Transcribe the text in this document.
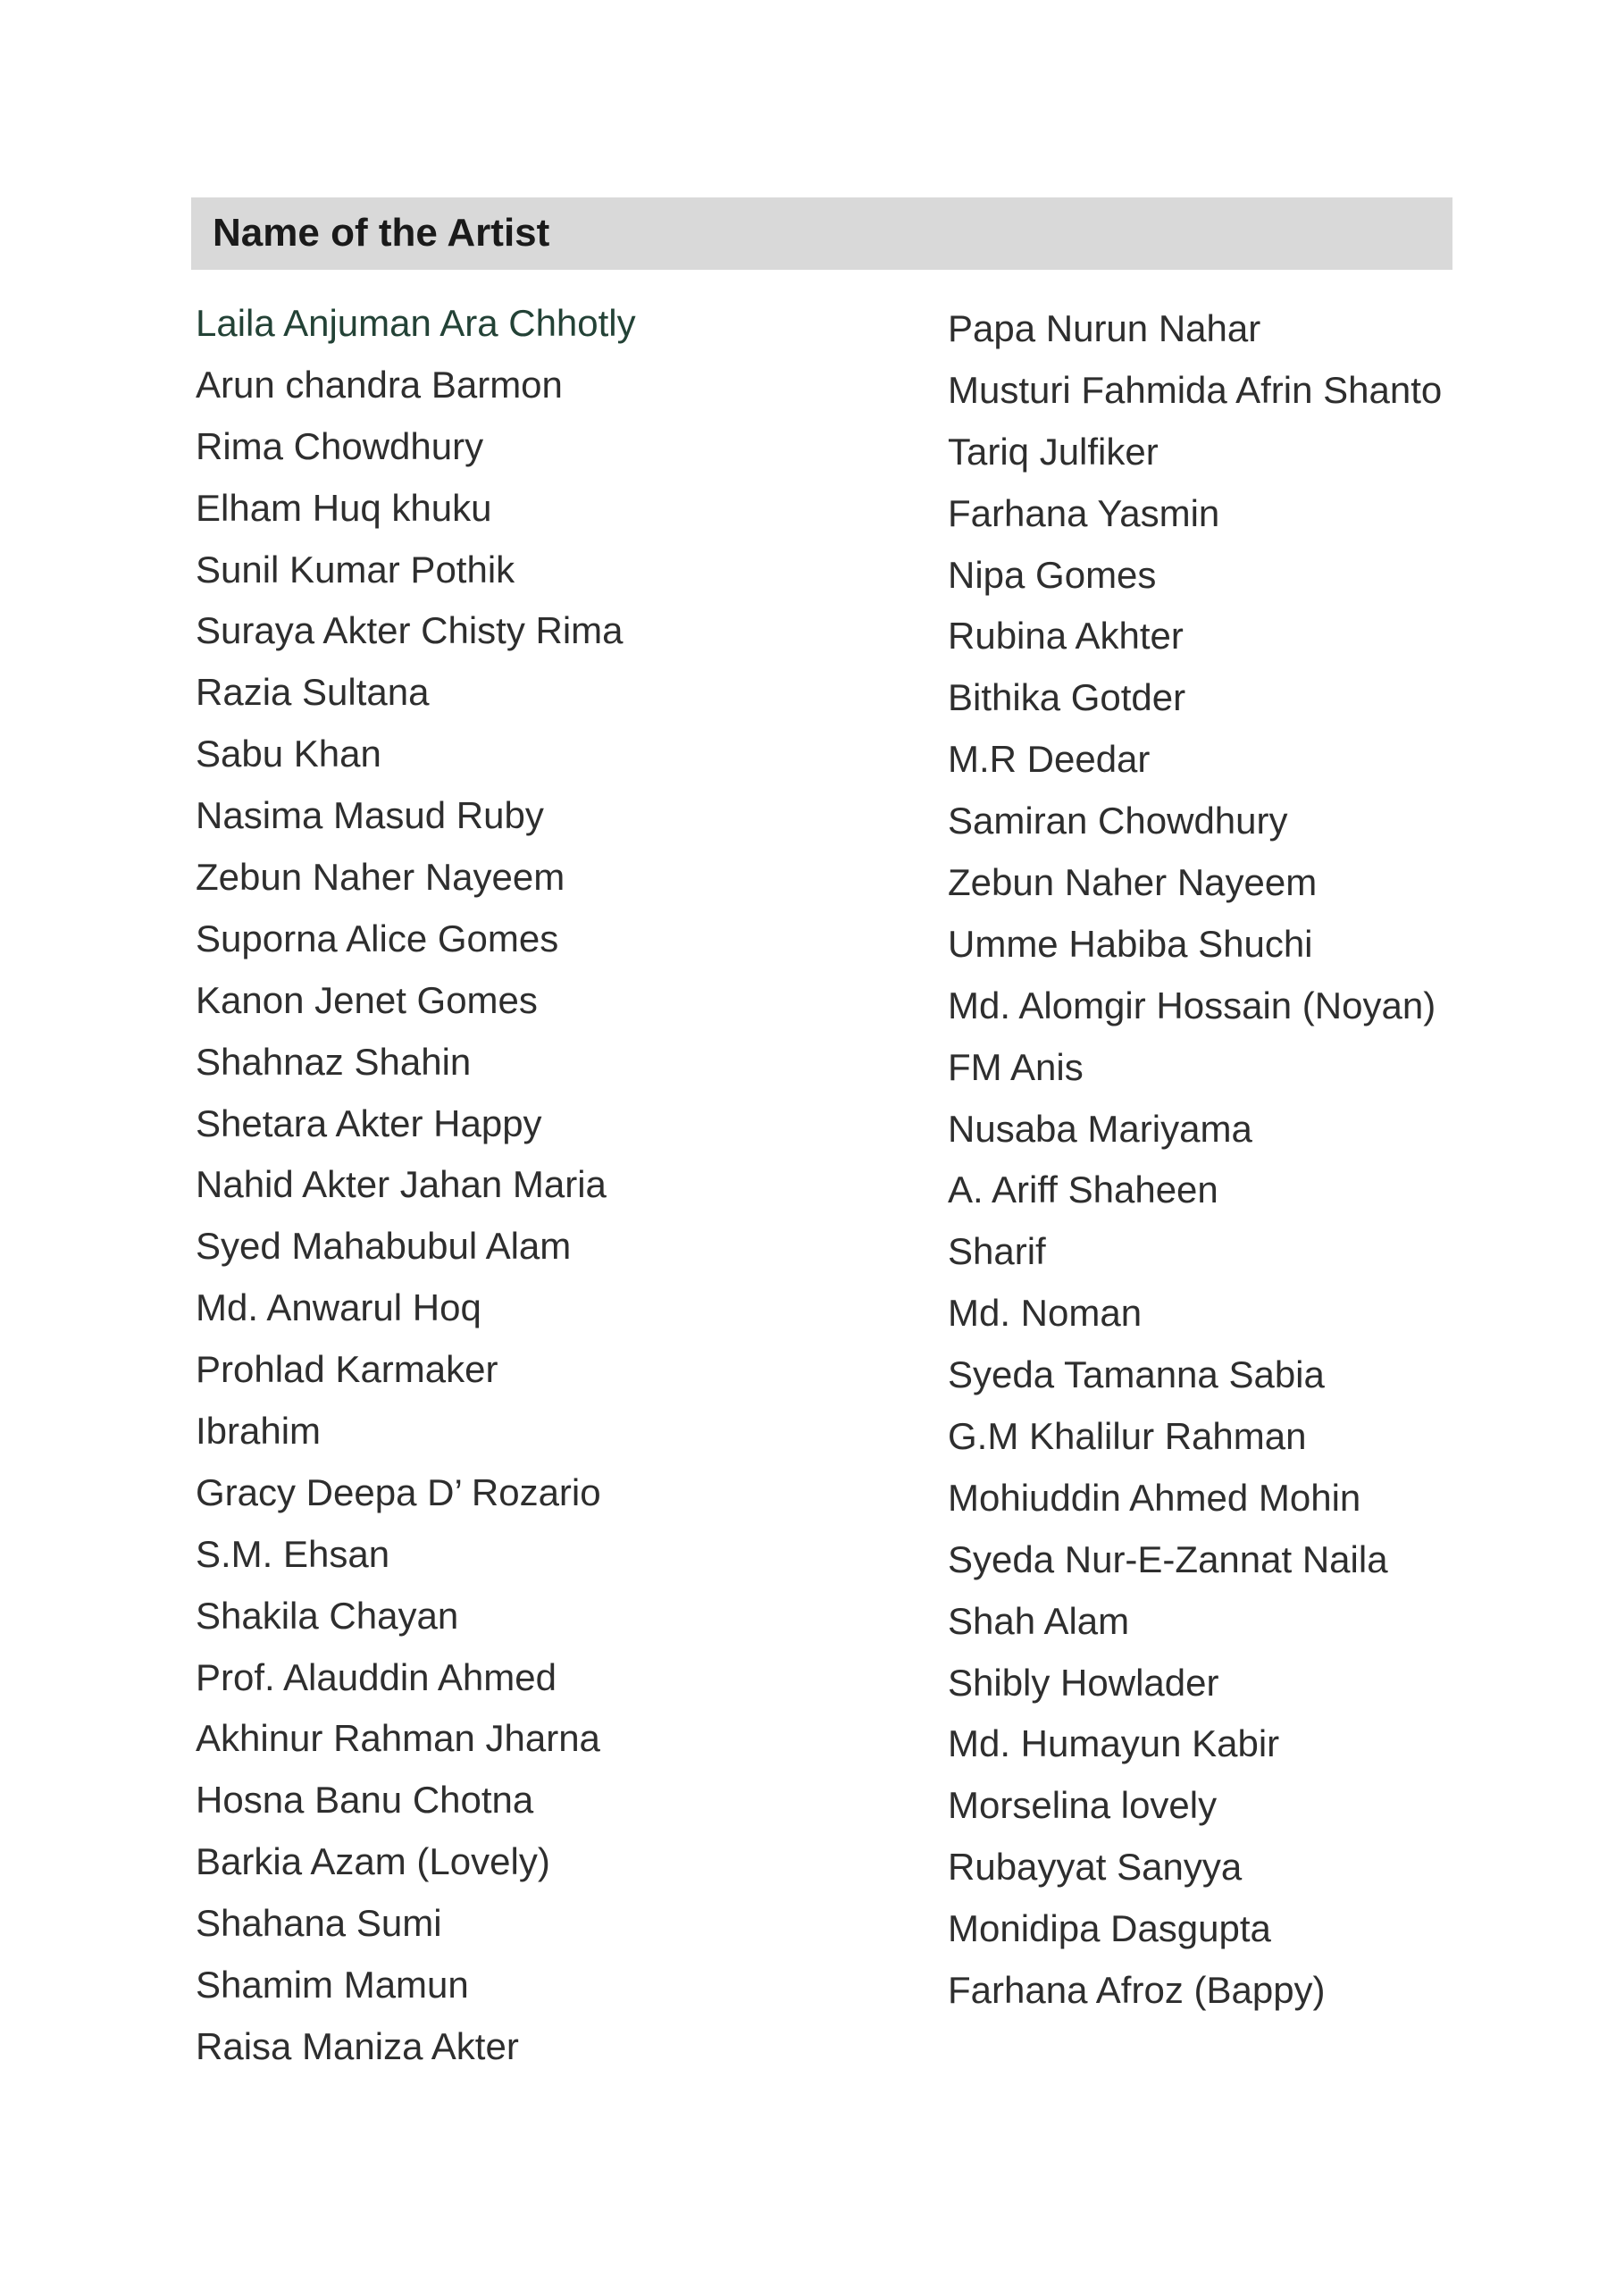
Name of the Artist
Laila Anjuman Ara Chhotly
Arun chandra Barmon
Rima Chowdhury
Elham Huq khuku
Sunil Kumar Pothik
Suraya Akter Chisty Rima
Razia Sultana
Sabu Khan
Nasima Masud Ruby
Zebun Naher Nayeem
Suporna Alice Gomes
Kanon Jenet Gomes
Shahnaz Shahin
Shetara Akter Happy
Nahid Akter Jahan Maria
Syed Mahabubul Alam
Md. Anwarul Hoq
Prohlad Karmaker
Ibrahim
Gracy Deepa D’ Rozario
S.M. Ehsan
Shakila Chayan
Prof. Alauddin Ahmed
Akhinur Rahman Jharna
Hosna Banu Chotna
Barkia Azam (Lovely)
Shahana Sumi
Shamim Mamun
Raisa Maniza Akter
Papa Nurun Nahar
Musturi Fahmida Afrin Shanto
Tariq Julfiker
Farhana Yasmin
Nipa Gomes
Rubina Akhter
Bithika Gotder
M.R Deedar
Samiran Chowdhury
Zebun Naher Nayeem
Umme Habiba Shuchi
Md. Alomgir Hossain (Noyan)
FM Anis
Nusaba Mariyama
A. Ariff Shaheen
Sharif
Md. Noman
Syeda Tamanna Sabia
G.M Khalilur Rahman
Mohiuddin Ahmed Mohin
Syeda Nur-E-Zannat Naila
Shah Alam
Shibly Howlader
Md. Humayun Kabir
Morselina lovely
Rubayyat Sanyya
Monidipa Dasgupta
Farhana Afroz (Bappy)
